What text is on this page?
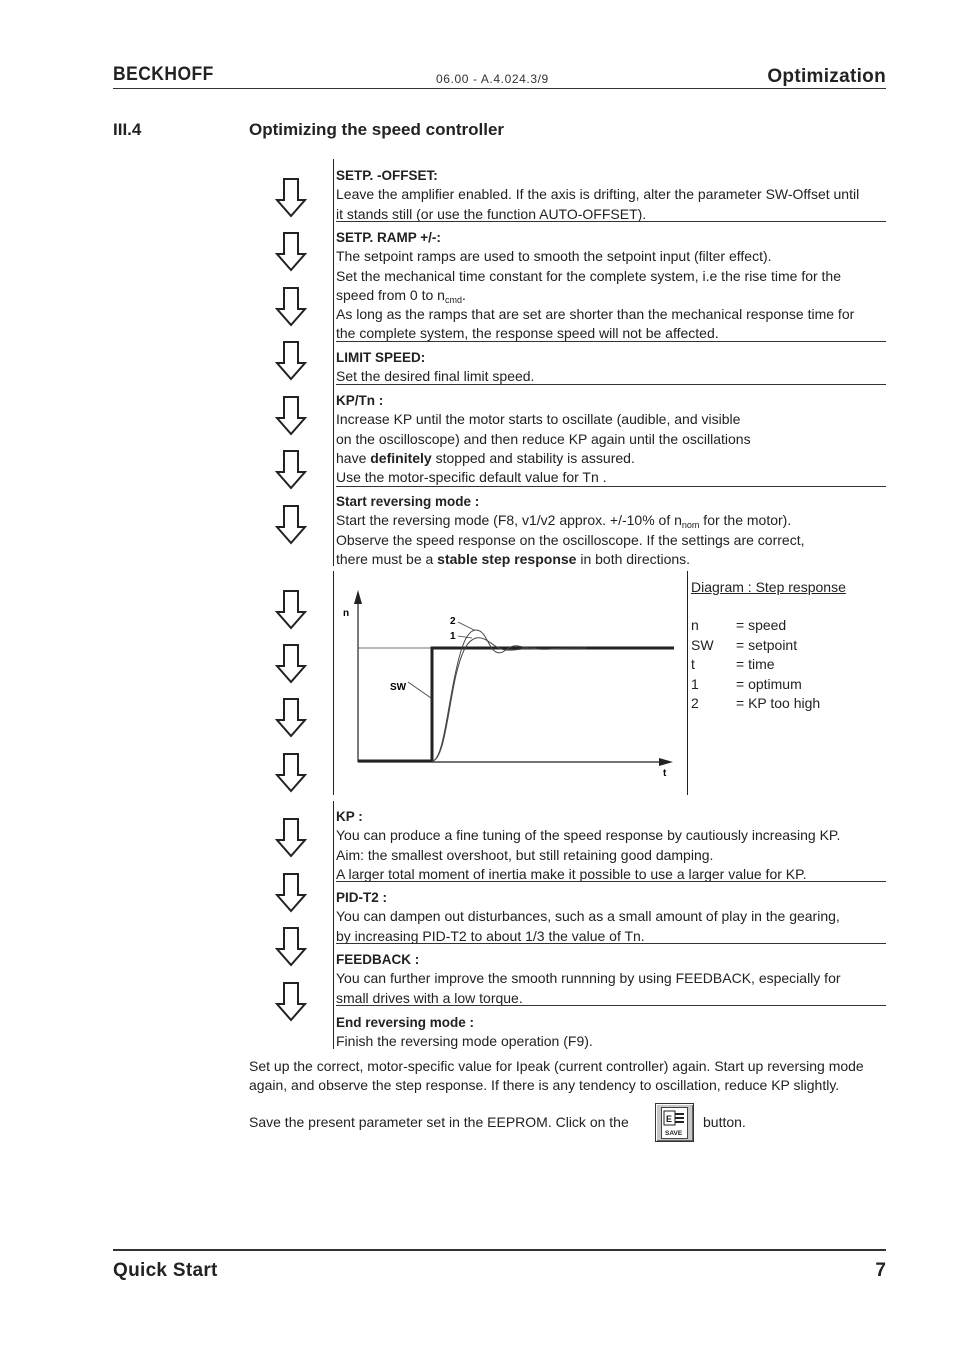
BECKHOFF	06.00 - A.4.024.3/9	Optimization
III.4	Optimizing the speed controller
SETP. -OFFSET:
Leave the amplifier enabled. If the axis is drifting, alter the parameter SW-Offset until
it stands still (or use the function AUTO-OFFSET).
SETP. RAMP +/-:
The setpoint ramps are used to smooth the setpoint input (filter effect).
Set the mechanical time constant for the complete system, i.e the rise time for the
speed from 0 to $n_{cmd}$.
As long as the ramps that are set are shorter than the mechanical response time for
the complete system, the response speed will not be affected.
LIMIT SPEED:
Set the desired final limit speed.
KP/Tn :
Increase KP until the motor starts to oscillate (audible, and visible
on the oscilloscope) and then reduce KP again until the oscillations
have definitely stopped and stability is assured.
Use the motor-specific default value for Tn .
Start reversing mode :
Start the reversing mode (F8, v1/v2 approx. +/-10% of $n_{nom}$ for the motor).
Observe the speed response on the oscilloscope. If the settings are correct,
there must be a stable step response in both directions.
n
t
2
1
SW
Diagram : Step response
n	= speed
SW	= setpoint
t	= time
1	= optimum
2	= KP too high
KP :
You can produce a fine tuning of the speed response by cautiously increasing KP.
Aim: the smallest overshoot, but still retaining good damping.
A larger total moment of inertia make it possible to use a larger value for KP.
PID-T2 :
You can dampen out disturbances, such as a small amount of play in the gearing,
by increasing PID-T2 to about 1/3 the value of Tn.
FEEDBACK :
You can further improve the smooth runnning by using FEEDBACK, especially for
small drives with a low torque.
End reversing mode :
Finish the reversing mode operation (F9).
Set up the correct, motor-specific value for Ipeak (current controller) again. Start up reversing mode again, and observe the step response. If there is any tendency to oscillation, reduce KP slightly.
Save the present parameter set in the EEPROM. Click on the	E
SAVE
button.
Quick Start	7
